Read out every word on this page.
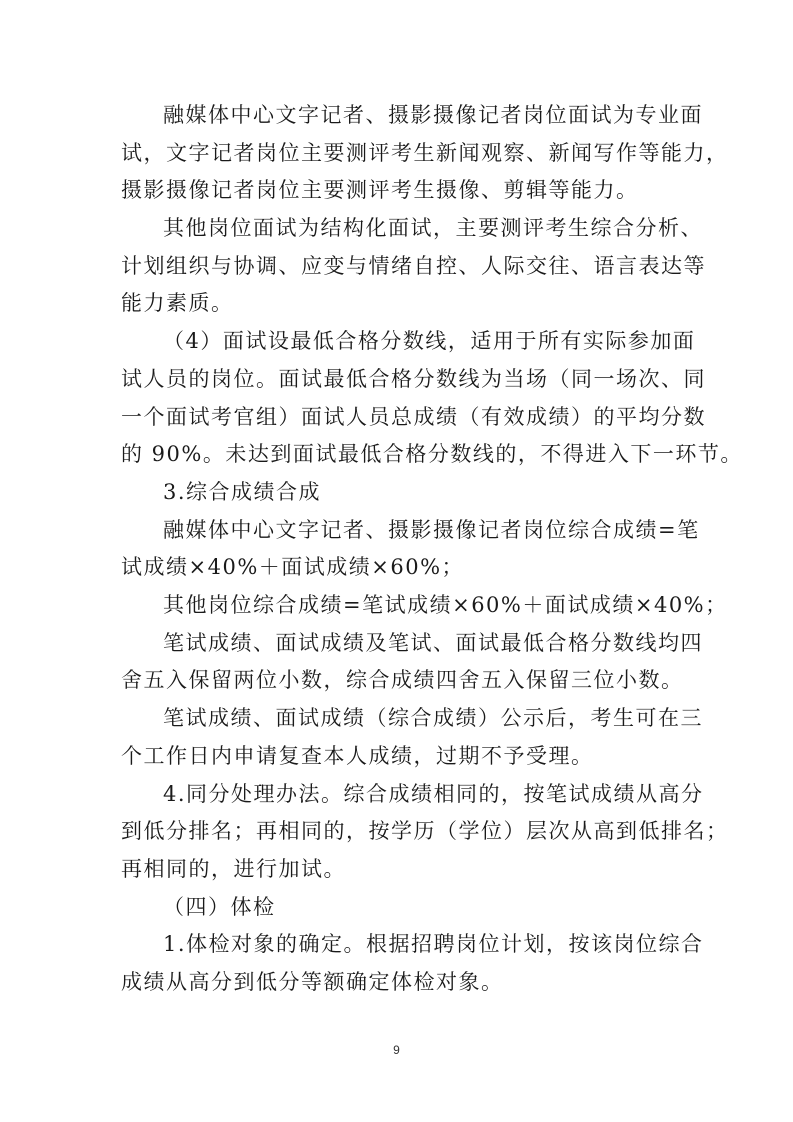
融媒体中心文字记者、摄影摄像记者岗位面试为专业面
试，文字记者岗位主要测评考生新闻观察、新闻写作等能力，
摄影摄像记者岗位主要测评考生摄像、剪辑等能力。
其他岗位面试为结构化面试，主要测评考生综合分析、
计划组织与协调、应变与情绪自控、人际交往、语言表达等
能力素质。
（4）面试设最低合格分数线，适用于所有实际参加面
试人员的岗位。面试最低合格分数线为当场（同一场次、同
一个面试考官组）面试人员总成绩（有效成绩）的平均分数
的 90%。未达到面试最低合格分数线的，不得进入下一环节。
3.综合成绩合成
融媒体中心文字记者、摄影摄像记者岗位综合成绩=笔
试成绩×40%＋面试成绩×60%；
其他岗位综合成绩=笔试成绩×60%＋面试成绩×40%；
笔试成绩、面试成绩及笔试、面试最低合格分数线均四
舍五入保留两位小数，综合成绩四舍五入保留三位小数。
笔试成绩、面试成绩（综合成绩）公示后，考生可在三
个工作日内申请复查本人成绩，过期不予受理。
4.同分处理办法。综合成绩相同的，按笔试成绩从高分
到低分排名；再相同的，按学历（学位）层次从高到低排名；
再相同的，进行加试。
（四）体检
1.体检对象的确定。根据招聘岗位计划，按该岗位综合
成绩从高分到低分等额确定体检对象。
9
